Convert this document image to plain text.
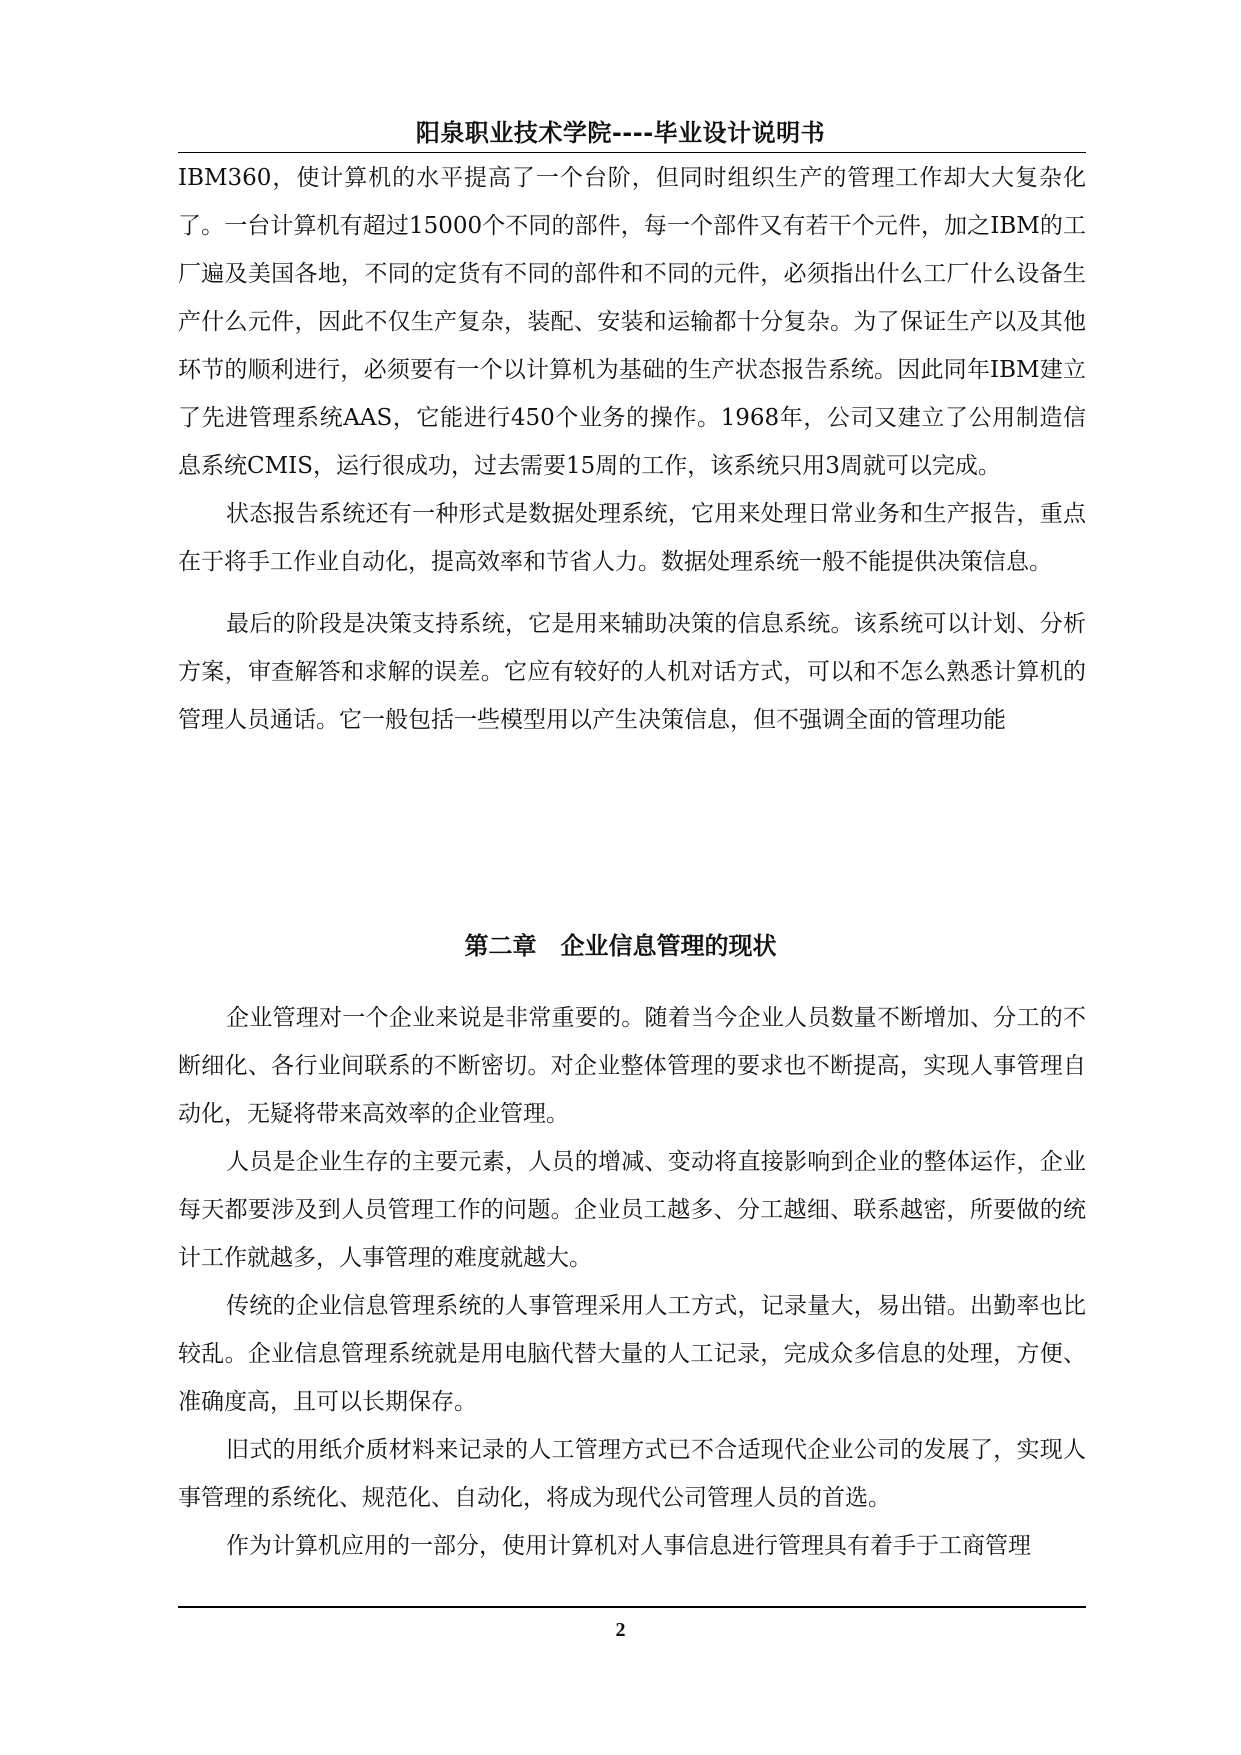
阳泉职业技术学院----毕业设计说明书

IBM360，使计算机的水平提高了一个台阶，但同时组织生产的管理工作却大大复杂化了。一台计算机有超过15000个不同的部件，每一个部件又有若干个元件，加之IBM的工厂遍及美国各地，不同的定货有不同的部件和不同的元件，必须指出什么工厂什么设备生产什么元件，因此不仅生产复杂，装配、安装和运输都十分复杂。为了保证生产以及其他环节的顺利进行，必须要有一个以计算机为基础的生产状态报告系统。因此同年IBM建立了先进管理系统AAS，它能进行450个业务的操作。1968年，公司又建立了公用制造信息系统CMIS，运行很成功，过去需要15周的工作，该系统只用3周就可以完成。

状态报告系统还有一种形式是数据处理系统，它用来处理日常业务和生产报告，重点在于将手工作业自动化，提高效率和节省人力。数据处理系统一般不能提供决策信息。

最后的阶段是决策支持系统，它是用来辅助决策的信息系统。该系统可以计划、分析方案，审查解答和求解的误差。它应有较好的人机对话方式，可以和不怎么熟悉计算机的管理人员通话。它一般包括一些模型用以产生决策信息，但不强调全面的管理功能

第二章　企业信息管理的现状

企业管理对一个企业来说是非常重要的。随着当今企业人员数量不断增加、分工的不断细化、各行业间联系的不断密切。对企业整体管理的要求也不断提高，实现人事管理自动化，无疑将带来高效率的企业管理。

人员是企业生存的主要元素，人员的增减、变动将直接影响到企业的整体运作，企业每天都要涉及到人员管理工作的问题。企业员工越多、分工越细、联系越密，所要做的统计工作就越多，人事管理的难度就越大。

传统的企业信息管理系统的人事管理采用人工方式，记录量大，易出错。出勤率也比较乱。企业信息管理系统就是用电脑代替大量的人工记录，完成众多信息的处理，方便、准确度高，且可以长期保存。

旧式的用纸介质材料来记录的人工管理方式已不合适现代企业公司的发展了，实现人事管理的系统化、规范化、自动化，将成为现代公司管理人员的首选。

作为计算机应用的一部分，使用计算机对人事信息进行管理具有着手于工商管理

2
